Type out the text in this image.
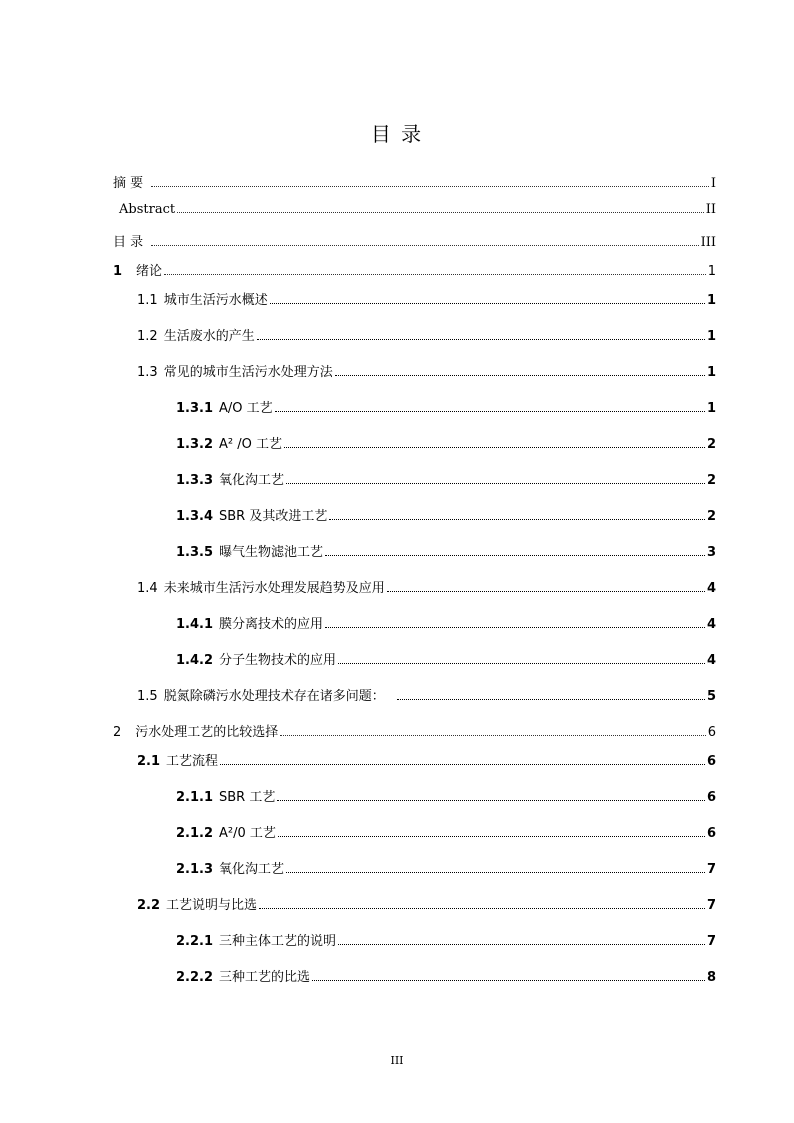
目 录
摘 要	I
Abstract	II
目 录	III
1 绪论	1
1.1 城市生活污水概述	1
1.2 生活废水的产生	1
1.3 常见的城市生活污水处理方法	1
1.3.1 A/O 工艺	1
1.3.2 A² /O 工艺	2
1.3.3 氧化沟工艺	2
1.3.4 SBR 及其改进工艺	2
1.3.5 曝气生物滤池工艺	3
1.4 未来城市生活污水处理发展趋势及应用	4
1.4.1 膜分离技术的应用	4
1.4.2 分子生物技术的应用	4
1.5 脱氮除磷污水处理技术存在诸多问题：	5
2 污水处理工艺的比较选择	6
2.1 工艺流程	6
2.1.1 SBR 工艺	6
2.1.2 A²/0 工艺	6
2.1.3 氧化沟工艺	7
2.2 工艺说明与比选	7
2.2.1 三种主体工艺的说明	7
2.2.2 三种工艺的比选	8
III
